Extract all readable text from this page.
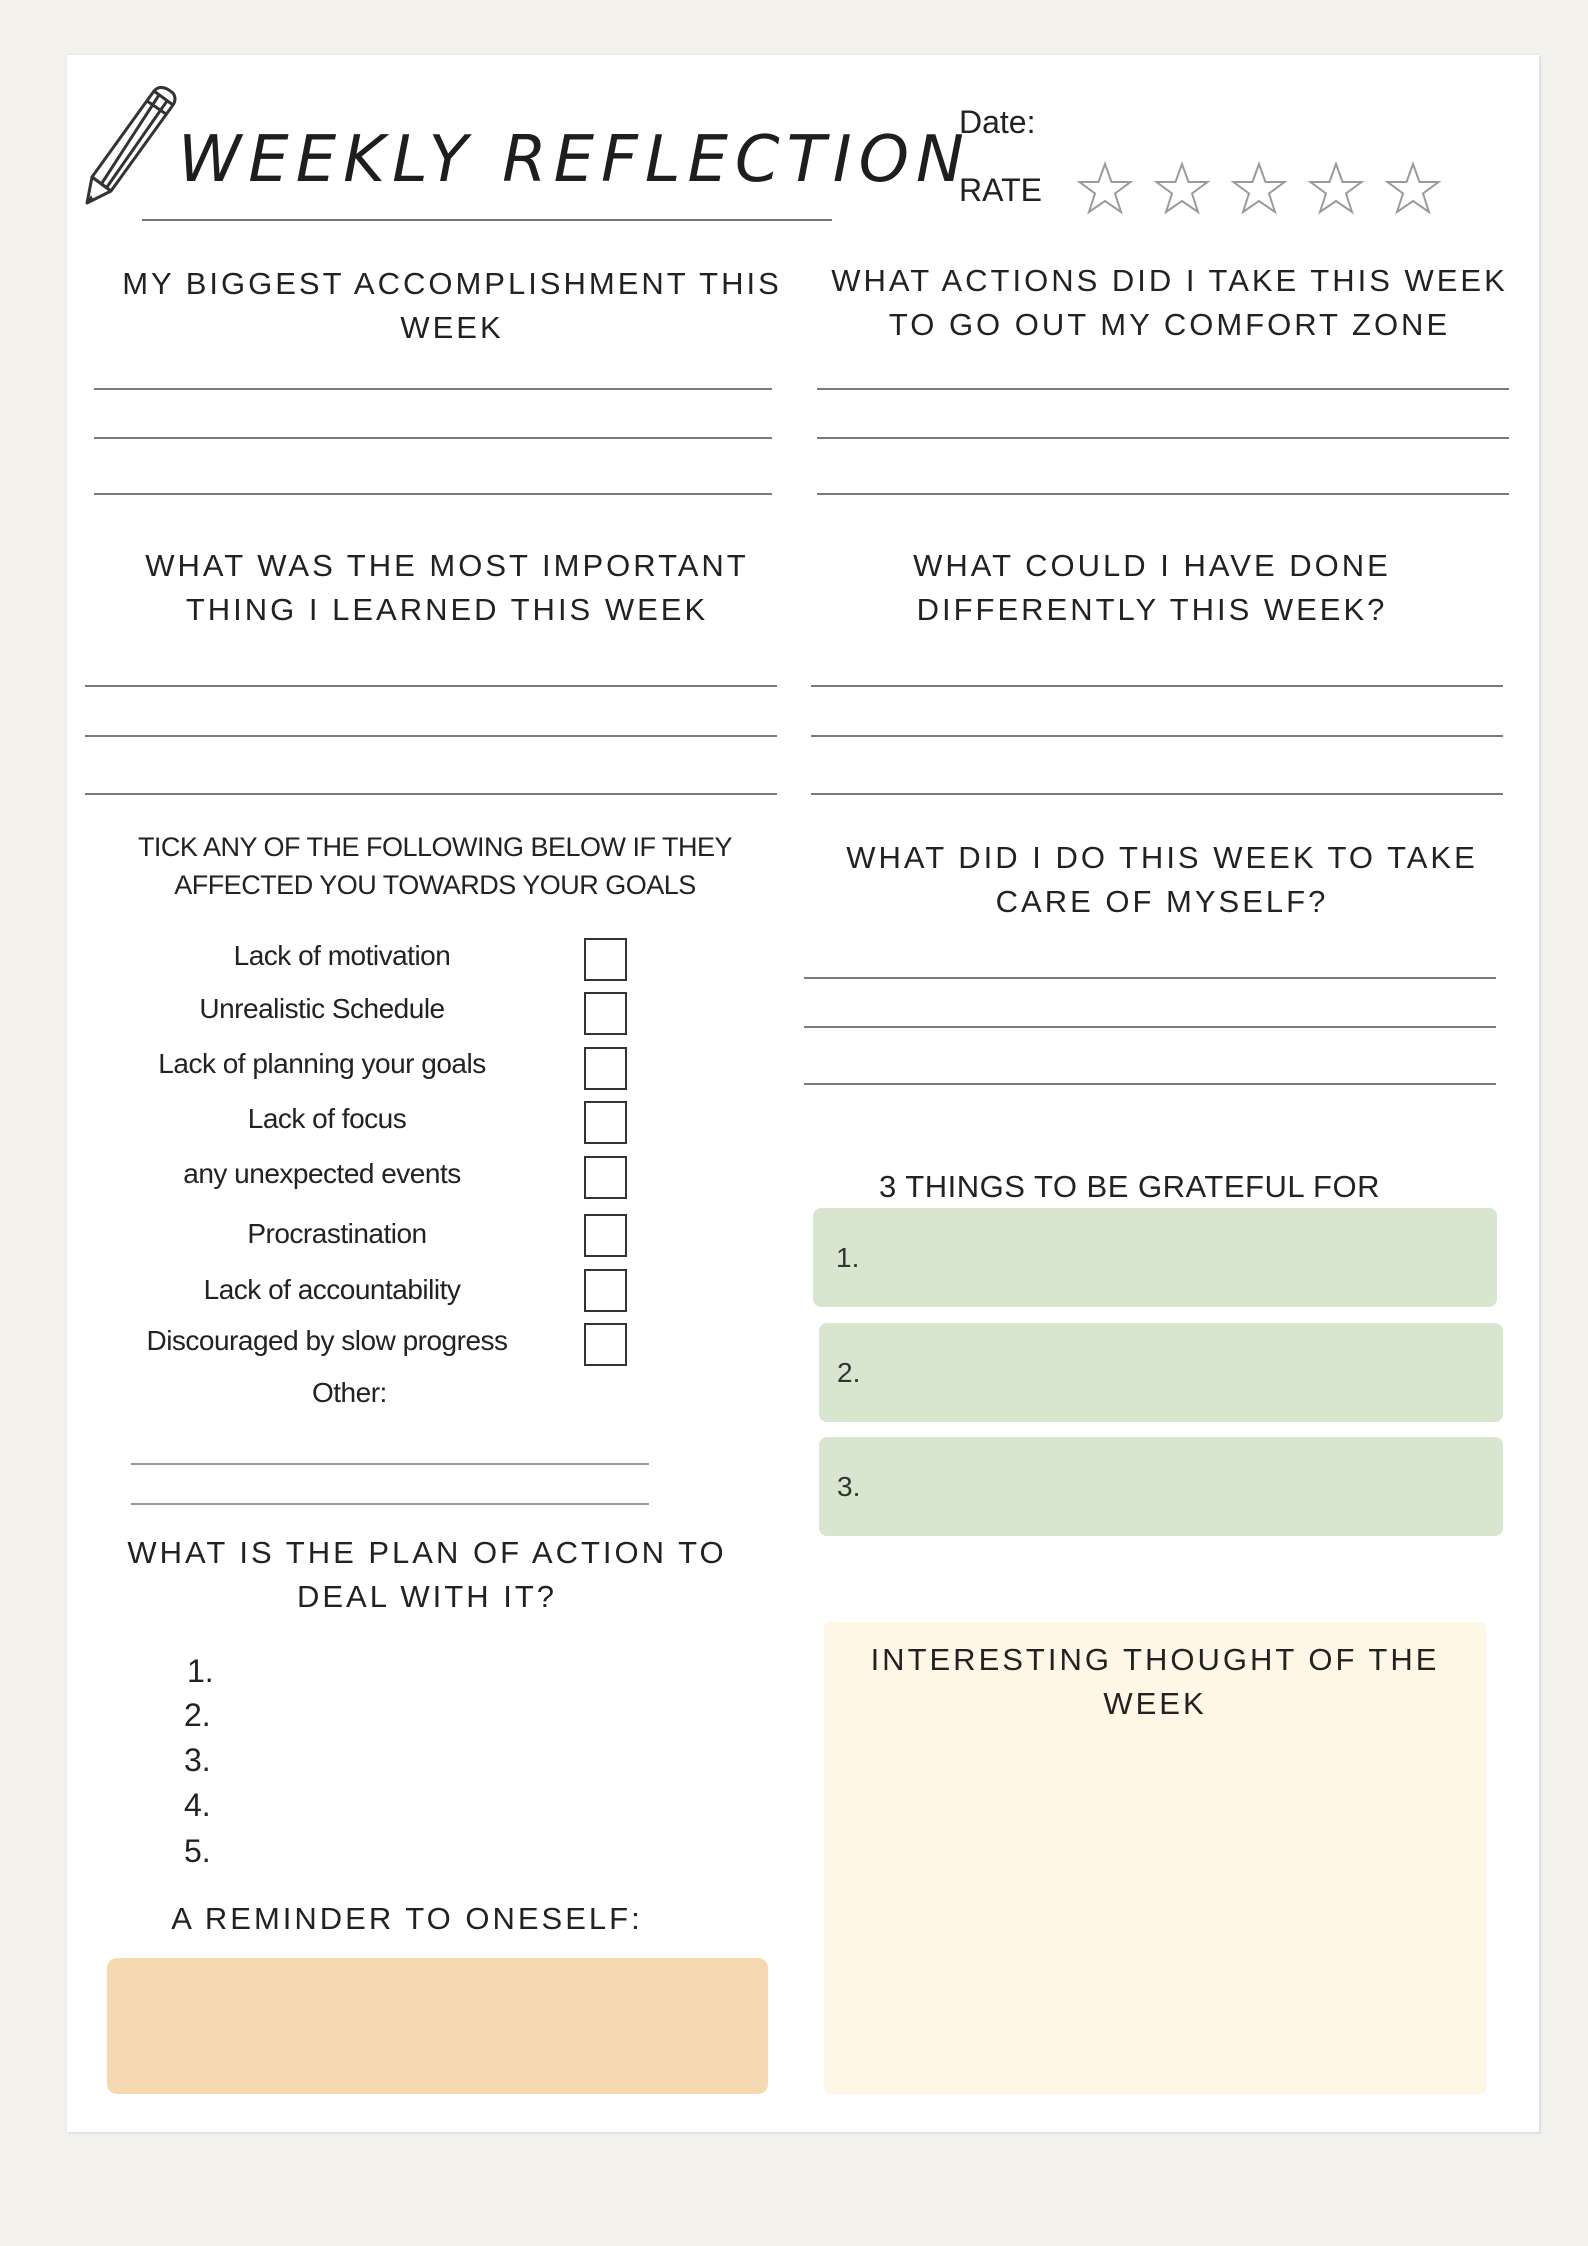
WEEKLY REFLECTION
Date:
RATE
MY BIGGEST ACCOMPLISHMENT THIS WEEK
WHAT ACTIONS DID I TAKE THIS WEEK TO GO OUT MY COMFORT ZONE
WHAT WAS THE MOST IMPORTANT THING I LEARNED THIS WEEK
WHAT COULD I HAVE DONE DIFFERENTLY THIS WEEK?
TICK ANY OF THE FOLLOWING BELOW IF THEY AFFECTED YOU TOWARDS YOUR GOALS
Lack of motivation
Unrealistic Schedule
Lack of planning your goals
Lack of focus
any unexpected events
Procrastination
Lack of accountability
Discouraged by slow progress
Other:
WHAT DID I DO THIS WEEK TO TAKE CARE OF MYSELF?
3 THINGS TO BE GRATEFUL FOR
1.
2.
3.
WHAT IS THE PLAN OF ACTION TO DEAL WITH IT?
1.
2.
3.
4.
5.
A REMINDER TO ONESELF:
INTERESTING THOUGHT OF THE WEEK
